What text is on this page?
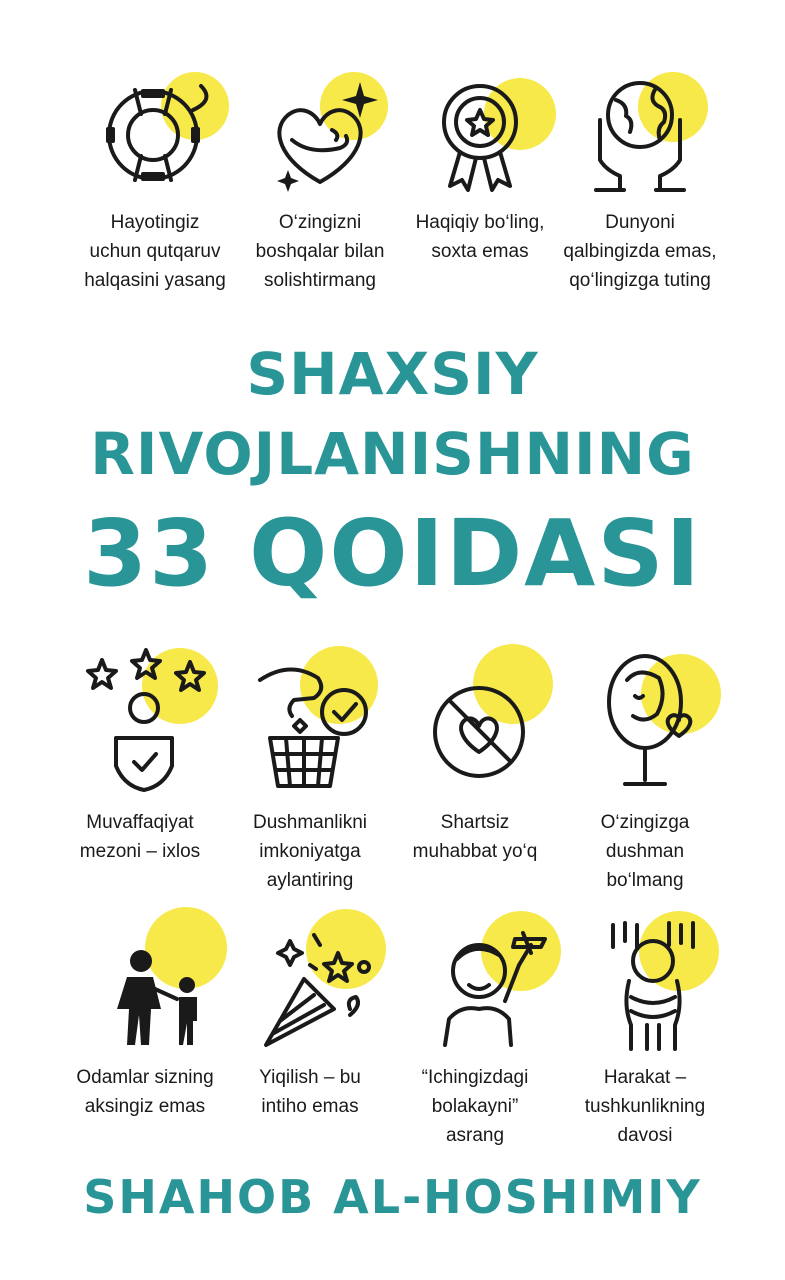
Hayotingiz
uchun qutqaruv
halqasini yasang
O‘zingizni
boshqalar bilan
solishtirmang
Haqiqiy bo‘ling,
soxta emas
Dunyoni
qalbingizda emas,
qo‘lingizga tuting
SHAXSIY
RIVOJLANISHNING
33 QOIDASI
Muvaffaqiyat
mezoni – ixlos
Dushmanlikni
imkoniyatga
aylantiring
Shartsiz
muhabbat yo‘q
O‘zingizga
dushman
bo‘lmang
Odamlar sizning
aksingiz emas
Yiqilish – bu
intiho emas
“Ichingizdagi
bolakayni”
asrang
Harakat –
tushkunlikning
davosi
SHAHOB AL-HOSHIMIY
